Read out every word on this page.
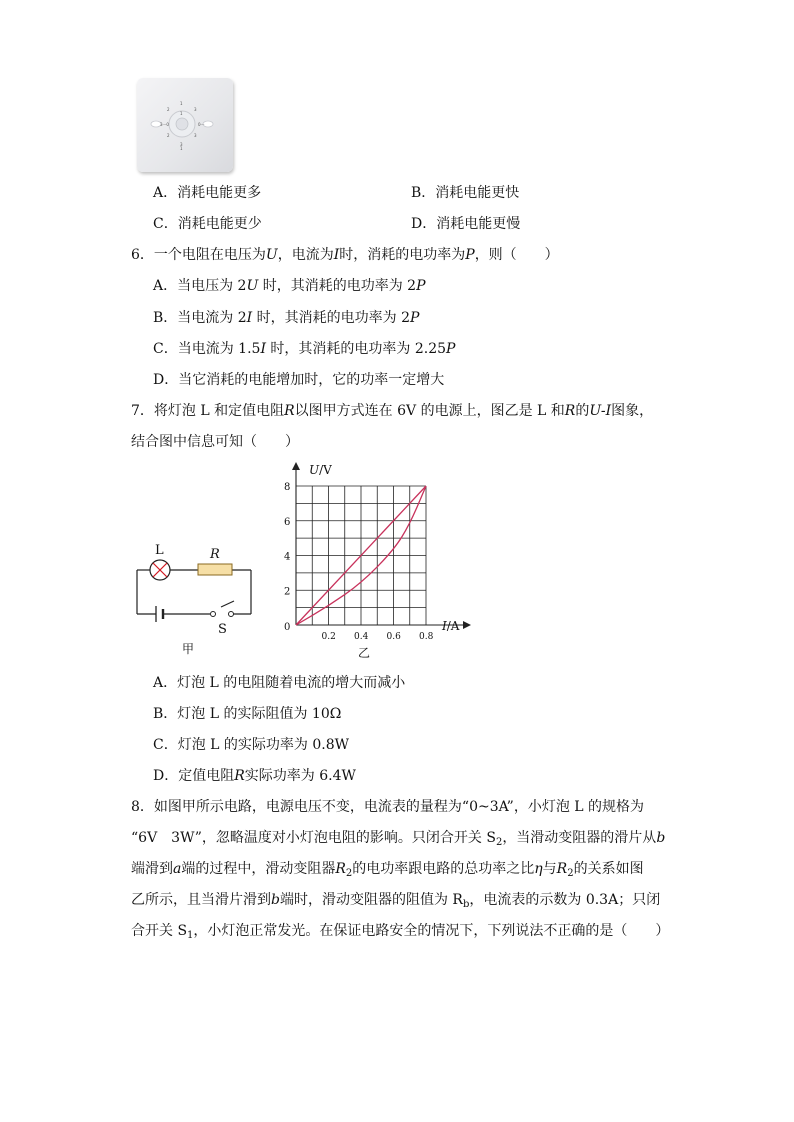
1
2	3
1
2	3
3
1
3ㅡ0	0ㅡ
A．消耗电能更多	B．消耗电能更快
C．消耗电能更少	D．消耗电能更慢
6．一个电阻在电压为U，电流为I时，消耗的电功率为P，则（　　）
A．当电压为 2U 时，其消耗的电功率为 2P
B．当电流为 2I 时，其消耗的电功率为 2P
C．当电流为 1.5I 时，其消耗的电功率为 2.25P
D．当它消耗的电能增加时，它的功率一定增大
7．将灯泡 L 和定值电阻R以图甲方式连在 6V 的电源上，图乙是 L 和R的U-I图象，
结合图中信息可知（　　）
L	R
S
甲
U/V
I/A
0
0.2 0.4 0.6 0.8
2
4
6
8
乙
A．灯泡 L 的电阻随着电流的增大而减小
B．灯泡 L 的实际阻值为 10Ω
C．灯泡 L 的实际功率为 0.8W
D．定值电阻R实际功率为 6.4W
8．如图甲所示电路，电源电压不变，电流表的量程为“0~3A”，小灯泡 L 的规格为
“6V　3W”，忽略温度对小灯泡电阻的影响。只闭合开关 $S_2$，当滑动变阻器的滑片从b
端滑到a端的过程中，滑动变阻器$R_2$的电功率跟电路的总功率之比η与$R_2$的关系如图
乙所示，且当滑片滑到b端时，滑动变阻器的阻值为 $R_b$，电流表的示数为 0.3A；只闭
合开关 $S_1$，小灯泡正常发光。在保证电路安全的情况下，下列说法不正确的是（　　）
